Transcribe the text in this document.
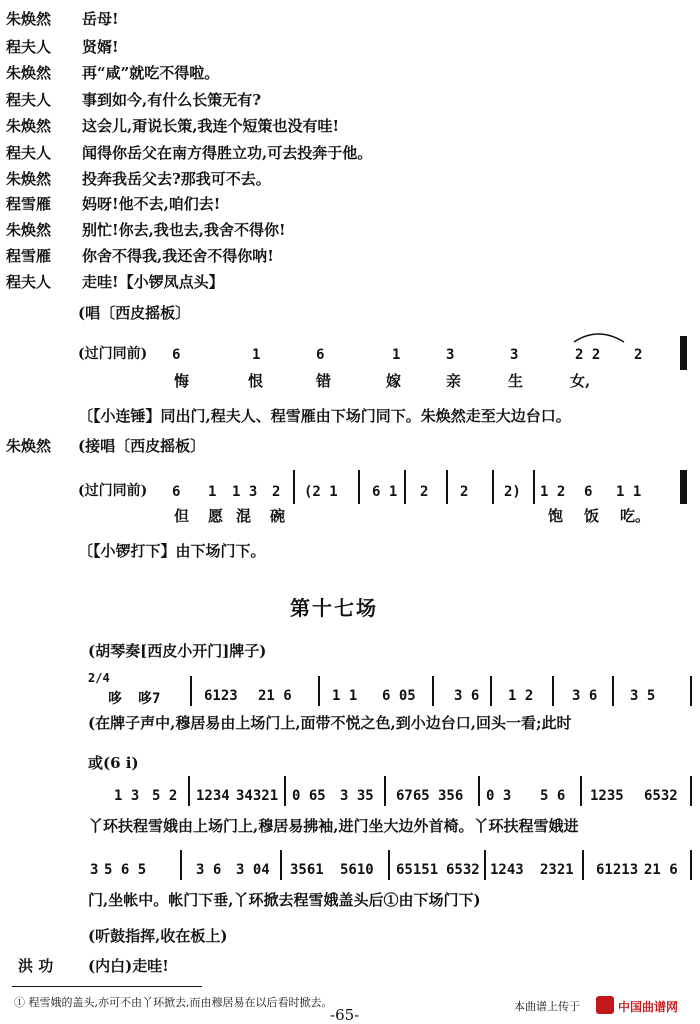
朱焕然	岳母!
程夫人	贤婿!
朱焕然	再“咸”就吃不得啦。
程夫人	事到如今,有什么长策无有?
朱焕然	这会儿,甭说长策,我连个短策也没有哇!
程夫人	闻得你岳父在南方得胜立功,可去投奔于他。
朱焕然	投奔我岳父去?那我可不去。
程雪雁	妈呀!他不去,咱们去!
朱焕然	别忙!你去,我也去,我舍不得你!
程雪雁	你舍不得我,我还舍不得你呐!
程夫人	走哇!【小锣凤点头】
(唱〔西皮摇板〕
(过门同前) 6	1	6	1	3	3	2 2 2
悔	恨	错	嫁	亲	生	女,
〔【小连锤】同出门,程夫人、程雪雁由下场门同下。朱焕然走至大边台口。
朱焕然 (接唱〔西皮摇板〕
(过门同前) 6 1 1 3 2 (2 1 6 1 2 2	2) 1 2 6 1 1
但 愿 混 碗	饱 饭 吃。
〔【小锣打下】由下场门下。
第十七场
(胡琴奏[西皮小开门]牌子)
2/4
哆 哆7	6123 21 6	1 1 6 05	3 6 1 2	3 6 3 5
(在牌子声中,穆居易由上场门上,面带不悦之色,到小边台口,回头一看;此时
或(6 i)
1 3 5 2 1234 34321 0 65 3 35 6765 356 0 3 5 6 1235 6532
丫环扶程雪娥由上场门上,穆居易拂袖,进门坐大边外首椅。丫环扶程雪娥进
3 5 6 5	3 6 3 04 3561 5610 65151 6532 1243 2321 61213 21 6
门,坐帐中。帐门下垂,丫环掀去程雪娥盖头后①由下场门下)
(听鼓指挥,收在板上)
洪 功 (内白)走哇!
① 程雪娥的盖头,亦可不由丫环掀去,而由穆居易在以后看时掀去。
-65-	本曲谱上传于	中国曲谱网
